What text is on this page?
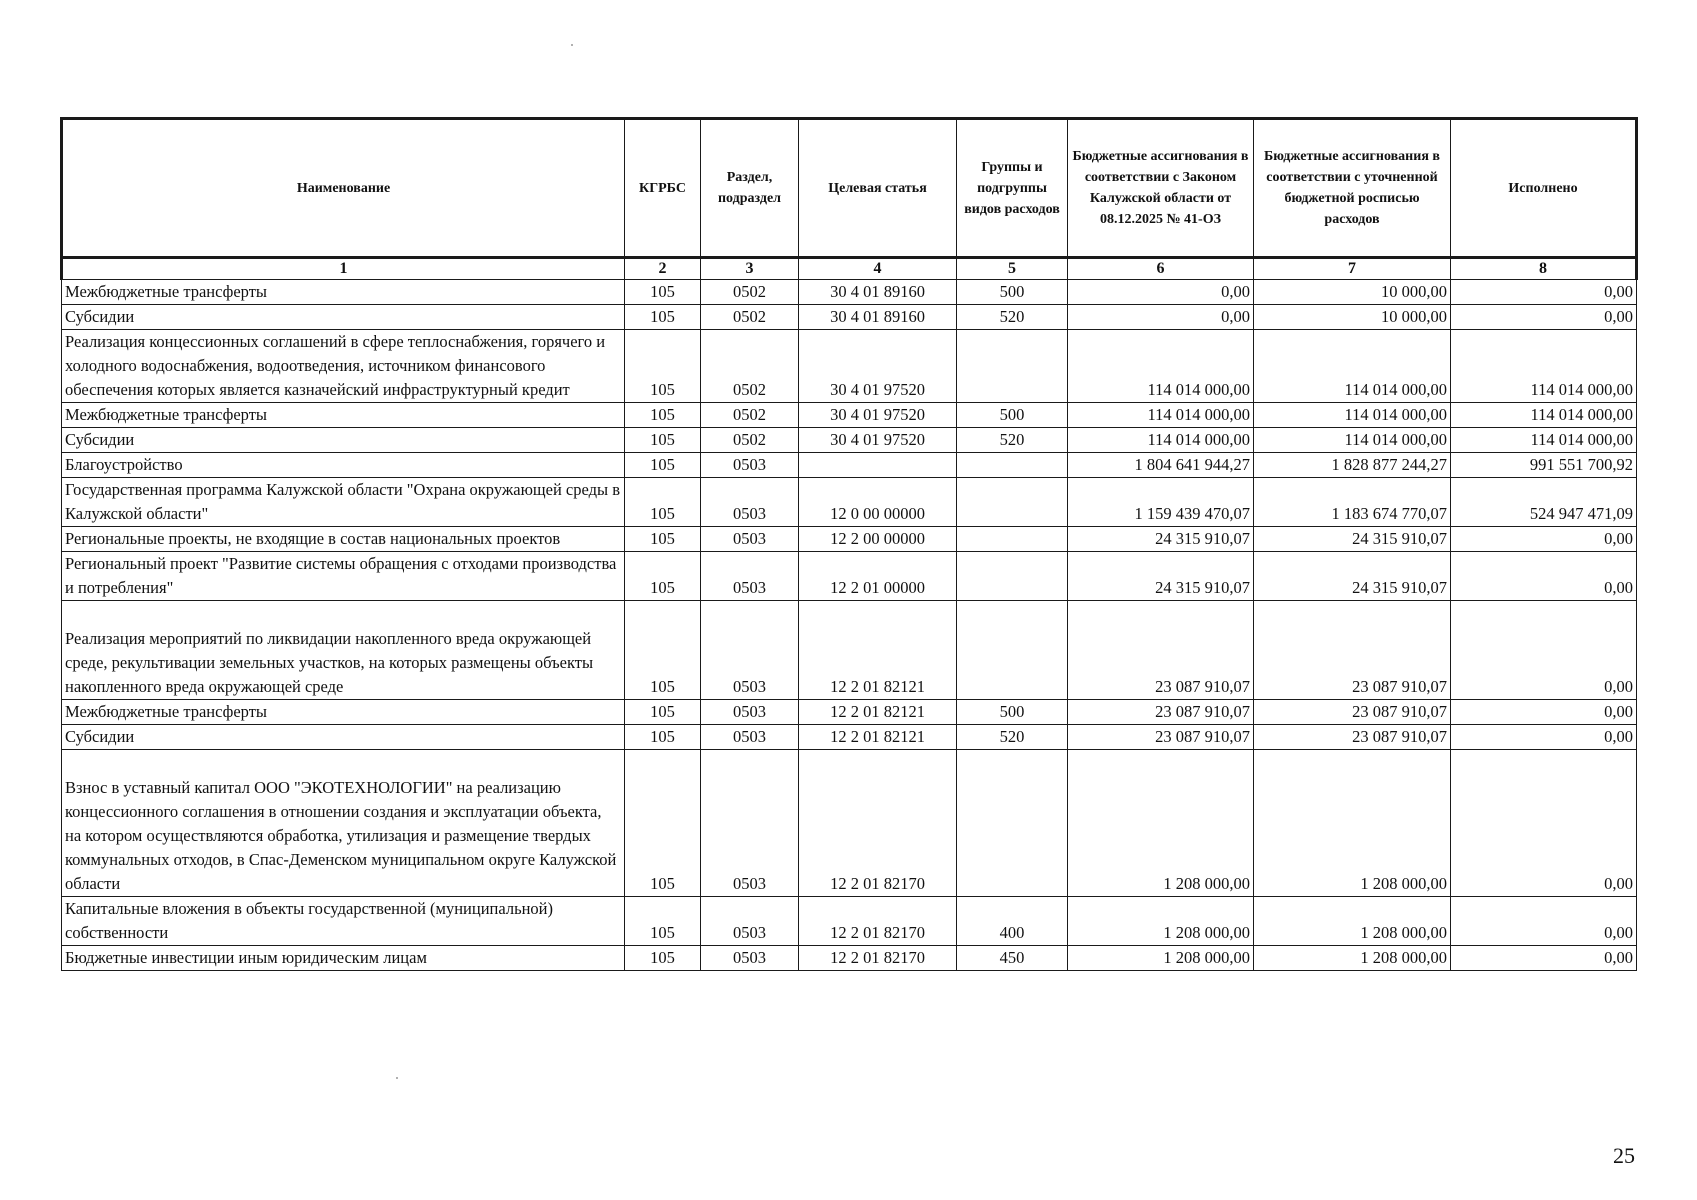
Наименование	КГРБС	Раздел, подраздел	Целевая статья	Группы и подгруппы видов расходов	Бюджетные ассигнования в соответствии с Законом Калужской области от 08.12.2025 № 41-ОЗ	Бюджетные ассигнования в соответствии с уточненной бюджетной росписью расходов	Исполнено
1	2	3	4	5	6	7	8
Межбюджетные трансферты	105	0502	30 4 01 89160	500	0,00	10 000,00	0,00
Субсидии	105	0502	30 4 01 89160	520	0,00	10 000,00	0,00
Реализация концессионных соглашений в сфере теплоснабжения, горячего и холодного водоснабжения, водоотведения, источником финансового обеспечения которых является казначейский инфраструктурный кредит	105	0502	30 4 01 97520		114 014 000,00	114 014 000,00	114 014 000,00
Межбюджетные трансферты	105	0502	30 4 01 97520	500	114 014 000,00	114 014 000,00	114 014 000,00
Субсидии	105	0502	30 4 01 97520	520	114 014 000,00	114 014 000,00	114 014 000,00
Благоустройство	105	0503			1 804 641 944,27	1 828 877 244,27	991 551 700,92
Государственная программа Калужской области "Охрана окружающей среды в Калужской области"	105	0503	12 0 00 00000		1 159 439 470,07	1 183 674 770,07	524 947 471,09
Региональные проекты, не входящие в состав национальных проектов	105	0503	12 2 00 00000		24 315 910,07	24 315 910,07	0,00
Региональный проект "Развитие системы обращения с отходами производства и потребления"	105	0503	12 2 01 00000		24 315 910,07	24 315 910,07	0,00
Реализация мероприятий по ликвидации накопленного вреда окружающей среде, рекультивации земельных участков, на которых размещены объекты накопленного вреда окружающей среде	105	0503	12 2 01 82121		23 087 910,07	23 087 910,07	0,00
Межбюджетные трансферты	105	0503	12 2 01 82121	500	23 087 910,07	23 087 910,07	0,00
Субсидии	105	0503	12 2 01 82121	520	23 087 910,07	23 087 910,07	0,00
Взнос в уставный капитал ООО "ЭКОТЕХНОЛОГИИ" на реализацию концессионного соглашения в отношении создания и эксплуатации объекта, на котором осуществляются обработка, утилизация и размещение твердых коммунальных отходов, в Спас-Деменском муниципальном округе Калужской области	105	0503	12 2 01 82170		1 208 000,00	1 208 000,00	0,00
Капитальные вложения в объекты государственной (муниципальной) собственности	105	0503	12 2 01 82170	400	1 208 000,00	1 208 000,00	0,00
Бюджетные инвестиции иным юридическим лицам	105	0503	12 2 01 82170	450	1 208 000,00	1 208 000,00	0,00
25
